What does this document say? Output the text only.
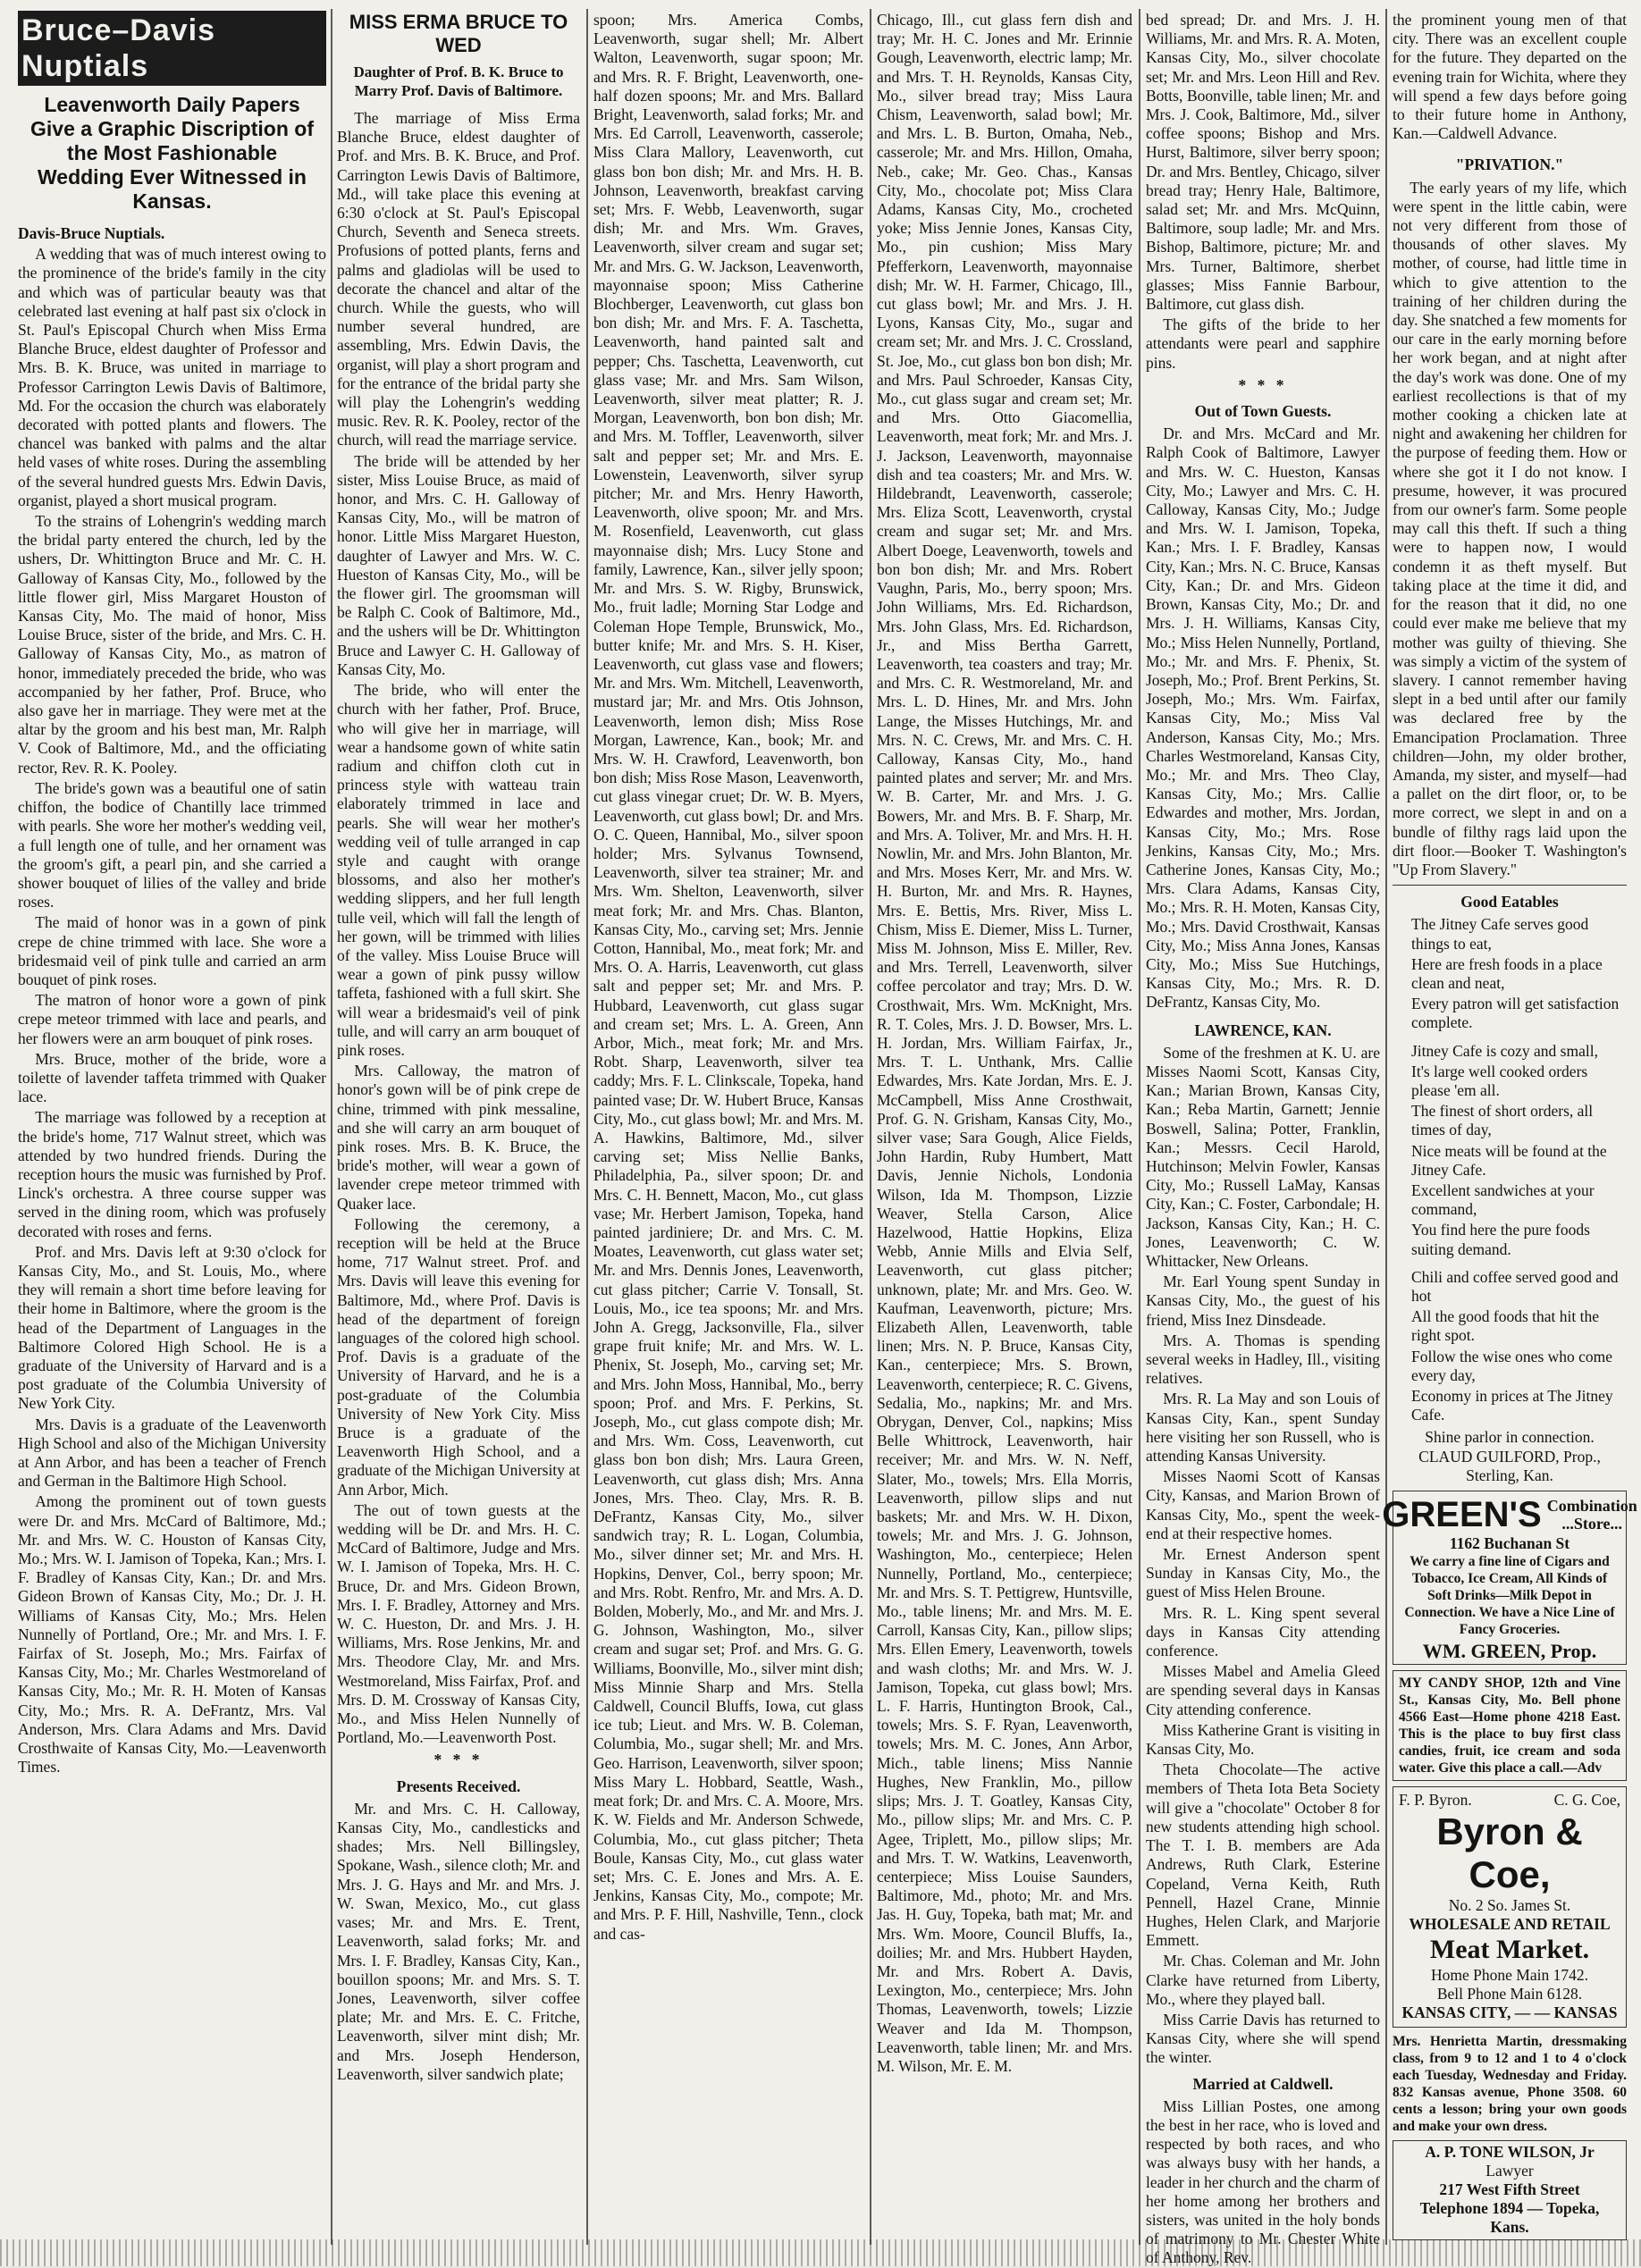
Bruce–Davis Nuptials
Leavenworth Daily Papers Give a Graphic Discription of the Most Fashionable Wedding Ever Witnessed in Kansas.
Davis-Bruce Nuptials.

A wedding that was of much interest owing to the prominence of the bride's family in the city and which was of particular beauty was that celebrated last evening at half past six o'clock in St. Paul's Episcopal Church when Miss Erma Blanche Bruce, eldest daughter of Professor and Mrs. B. K. Bruce, was united in marriage to Professor Carrington Lewis Davis of Baltimore, Md. For the occasion the church was elaborately decorated with potted plants and flowers. The chancel was banked with palms and the altar held vases of white roses. During the assembling of the several hundred guests Mrs. Edwin Davis, organist, played a short musical program.

To the strains of Lohengrin's wedding march the bridal party entered the church, led by the ushers, Dr. Whittington Bruce and Mr. C. H. Galloway of Kansas City, Mo., followed by the little flower girl, Miss Margaret Houston of Kansas City, Mo. The maid of honor, Miss Louise Bruce, sister of the bride, and Mrs. C. H. Galloway of Kansas City, Mo., as matron of honor, immediately preceded the bride, who was accompanied by her father, Prof. Bruce, who also gave her in marriage. They were met at the altar by the groom and his best man, Mr. Ralph V. Cook of Baltimore, Md., and the officiating rector, Rev. R. K. Pooley.

The bride's gown was a beautiful one of satin chiffon, the bodice of Chantilly lace trimmed with pearls. She wore her mother's wedding veil, a full length one of tulle, and her ornament was the groom's gift, a pearl pin, and she carried a shower bouquet of lilies of the valley and bride roses.

The maid of honor was in a gown of pink crepe de chine trimmed with lace. She wore a bridesmaid veil of pink tulle and carried an arm bouquet of pink roses.

The matron of honor wore a gown of pink crepe meteor trimmed with lace and pearls, and her flowers were an arm bouquet of pink roses.

Mrs. Bruce, mother of the bride, wore a toilette of lavender taffeta trimmed with Quaker lace.

The marriage was followed by a reception at the bride's home, 717 Walnut street, which was attended by two hundred friends. During the reception hours the music was furnished by Prof. Linck's orchestra. A three course supper was served in the dining room, which was profusely decorated with roses and ferns.

Prof. and Mrs. Davis left at 9:30 o'clock for Kansas City, Mo., and St. Louis, Mo., where they will remain a short time before leaving for their home in Baltimore, where the groom is the head of the Department of Languages in the Baltimore Colored High School. He is a graduate of the University of Harvard and is a post graduate of the Columbia University of New York City.

Mrs. Davis is a graduate of the Leavenworth High School and also of the Michigan University at Ann Arbor, and has been a teacher of French and German in the Baltimore High School.

Among the prominent out of town guests were Dr. and Mrs. McCard of Baltimore, Md.; Mr. and Mrs. W. C. Houston of Kansas City, Mo.; Mrs. W. I. Jamison of Topeka, Kan.; Mrs. I. F. Bradley of Kansas City, Kan.; Dr. and Mrs. Gideon Brown of Kansas City, Mo.; Dr. J. H. Williams of Kansas City, Mo.; Mrs. Helen Nunnelly of Portland, Ore.; Mr. and Mrs. I. F. Fairfax of St. Joseph, Mo.; Mrs. Fairfax of Kansas City, Mo.; Mr. Charles Westmoreland of Kansas City, Mo.; Mr. R. H. Moten of Kansas City, Mo.; Mrs. R. A. DeFrantz, Mrs. Val Anderson, Mrs. Clara Adams and Mrs. David Crosthwaite of Kansas City, Mo.—Leavenworth Times.

MISS ERMA BRUCE TO WED
Daughter of Prof. B. K. Bruce to Marry Prof. Davis of Baltimore.

The marriage of Miss Erma Blanche Bruce, eldest daughter of Prof. and Mrs. B. K. Bruce, and Prof. Carrington Lewis Davis of Baltimore, Md., will take place this evening at 6:30 o'clock at St. Paul's Episcopal Church, Seventh and Seneca streets. Profusions of potted plants, ferns and palms and gladiolas will be used to decorate the chancel and altar of the church. While the guests, who will number several hundred, are assembling, Mrs. Edwin Davis, the organist, will play a short program and for the entrance of the bridal party she will play the Lohengrin's wedding music. Rev. R. K. Pooley, rector of the church, will read the marriage service.

The bride will be attended by her sister, Miss Louise Bruce, as maid of honor, and Mrs. C. H. Galloway of Kansas City, Mo., will be matron of honor. Little Miss Margaret Hueston, daughter of Lawyer and Mrs. W. C. Hueston of Kansas City, Mo., will be the flower girl. The groomsman will be Ralph C. Cook of Baltimore, Md., and the ushers will be Dr. Whittington Bruce and Lawyer C. H. Galloway of Kansas City, Mo.

The bride, who will enter the church with her father, Prof. Bruce, who will give her in marriage, will wear a handsome gown of white satin radium and chiffon cloth cut in princess style with watteau train elaborately trimmed in lace and pearls. She will wear her mother's wedding veil of tulle arranged in cap style and caught with orange blossoms, and also her mother's wedding slippers, and her full length tulle veil, which will fall the length of her gown, will be trimmed with lilies of the valley. Miss Louise Bruce will wear a gown of pink pussy willow taffeta, fashioned with a full skirt. She will wear a bridesmaid's veil of pink tulle, and will carry an arm bouquet of pink roses.

Mrs. Calloway, the matron of honor's gown will be of pink crepe de chine, trimmed with pink messaline, and she will carry an arm bouquet of pink roses. Mrs. B. K. Bruce, the bride's mother, will wear a gown of lavender crepe meteor trimmed with Quaker lace.

Following the ceremony, a reception will be held at the Bruce home, 717 Walnut street. Prof. and Mrs. Davis will leave this evening for Baltimore, Md., where Prof. Davis is head of the department of foreign languages of the colored high school. Prof. Davis is a graduate of the University of Harvard, and he is a post-graduate of the Columbia University of New York City. Miss Bruce is a graduate of the Leavenworth High School, and a graduate of the Michigan University at Ann Arbor, Mich.

The out of town guests at the wedding will be Dr. and Mrs. H. C. McCard of Baltimore, Judge and Mrs. W. I. Jamison of Topeka, Mrs. H. C. Bruce, Dr. and Mrs. Gideon Brown, Mrs. I. F. Bradley, Attorney and Mrs. W. C. Hueston, Dr. and Mrs. J. H. Williams, Mrs. Rose Jenkins, Mr. and Mrs. Theodore Clay, Mr. and Mrs. Westmoreland, Miss Fairfax, Prof. and Mrs. D. M. Crossway of Kansas City, Mo., and Miss Helen Nunnelly of Portland, Mo.—Leavenworth Post.

* * *
Presents Received.

Mr. and Mrs. C. H. Calloway, Kansas City, Mo., candlesticks and shades; Mrs. Nell Billingsley, Spokane, Wash., silence cloth; Mr. and Mrs. J. G. Hays and Mr. and Mrs. J. W. Swan, Mexico, Mo., cut glass vases; Mr. and Mrs. E. Trent, Leavenworth, salad forks; Mr. and Mrs. I. F. Bradley, Kansas City, Kan., bouillon spoons; Mr. and Mrs. S. T. Jones, Leavenworth, silver coffee plate; Mr. and Mrs. E. C. Fritche, Leavenworth, silver mint dish; Mr. and Mrs. Joseph Henderson, Leavenworth, silver sandwich plate;

spoon; Mrs. America Combs, Leavenworth, sugar shell; Mr. Albert Walton, Leavenworth, sugar spoon; Mr. and Mrs. R. F. Bright, Leavenworth, one-half dozen spoons; Mr. and Mrs. Ballard Bright, Leavenworth, salad forks; Mr. and Mrs. Ed Carroll, Leavenworth, casserole; Miss Clara Mallory, Leavenworth, cut glass bon bon dish; Mr. and Mrs. H. B. Johnson, Leavenworth, breakfast carving set; Mrs. F. Webb, Leavenworth, sugar dish; Mr. and Mrs. Wm. Graves, Leavenworth, silver cream and sugar set; Mr. and Mrs. G. W. Jackson, Leavenworth, mayonnaise spoon; Miss Catherine Blochberger, Leavenworth, cut glass bon bon dish; Mr. and Mrs. F. A. Taschetta, Leavenworth, hand painted salt and pepper; Chs. Taschetta, Leavenworth, cut glass vase; Mr. and Mrs. Sam Wilson, Leavenworth, silver meat platter; R. J. Morgan, Leavenworth, bon bon dish; Mr. and Mrs. M. Toffler, Leavenworth, silver salt and pepper set; Mr. and Mrs. E. Lowenstein, Leavenworth, silver syrup pitcher; Mr. and Mrs. Henry Haworth, Leavenworth, olive spoon; Mr. and Mrs. M. Rosenfield, Leavenworth, cut glass mayonnaise dish; Mrs. Lucy Stone and family, Lawrence, Kan., silver jelly spoon; Mr. and Mrs. S. W. Rigby, Brunswick, Mo., fruit ladle; Morning Star Lodge and Coleman Hope Temple, Brunswick, Mo., butter knife; Mr. and Mrs. S. H. Kiser, Leavenworth, cut glass vase and flowers; Mr. and Mrs. Wm. Mitchell, Leavenworth, mustard jar; Mr. and Mrs. Otis Johnson, Leavenworth, lemon dish; Miss Rose Morgan, Lawrence, Kan., book; Mr. and Mrs. W. H. Crawford, Leavenworth, bon bon dish; Miss Rose Mason, Leavenworth, cut glass vinegar cruet; Dr. W. B. Myers, Leavenworth, cut glass bowl; Dr. and Mrs. O. C. Queen, Hannibal, Mo., silver spoon holder; Mrs. Sylvanus Townsend, Leavenworth, silver tea strainer; Mr. and Mrs. Wm. Shelton, Leavenworth, silver meat fork; Mr. and Mrs. Chas. Blanton, Kansas City, Mo., carving set; Mrs. Jennie Cotton, Hannibal, Mo., meat fork; Mr. and Mrs. O. A. Harris, Leavenworth, cut glass salt and pepper set; Mr. and Mrs. P. Hubbard, Leavenworth, cut glass sugar and cream set; Mrs. L. A. Green, Ann Arbor, Mich., meat fork; Mr. and Mrs. Robt. Sharp, Leavenworth, silver tea caddy; Mrs. F. L. Clinkscale, Topeka, hand painted vase; Dr. W. Hubert Bruce, Kansas City, Mo., cut glass bowl; Mr. and Mrs. M. A. Hawkins, Baltimore, Md., silver carving set; Miss Nellie Banks, Philadelphia, Pa., silver spoon; Dr. and Mrs. C. H. Bennett, Macon, Mo., cut glass vase; Mr. Herbert Jamison, Topeka, hand painted jardiniere; Dr. and Mrs. C. M. Moates, Leavenworth, cut glass water set; Mr. and Mrs. Dennis Jones, Leavenworth, cut glass pitcher; Carrie V. Tonsall, St. Louis, Mo., ice tea spoons; Mr. and Mrs. John A. Gregg, Jacksonville, Fla., silver grape fruit knife; Mr. and Mrs. W. L. Phenix, St. Joseph, Mo., carving set; Mr. and Mrs. John Moss, Hannibal, Mo., berry spoon; Prof. and Mrs. F. Perkins, St. Joseph, Mo., cut glass compote dish; Mr. and Mrs. Wm. Coss, Leavenworth, cut glass bon bon dish; Mrs. Laura Green, Leavenworth, cut glass dish; Mrs. Anna Jones, Mrs. Theo. Clay, Mrs. R. B. DeFrantz, Kansas City, Mo., silver sandwich tray; R. L. Logan, Columbia, Mo., silver dinner set; Mr. and Mrs. H. Hopkins, Denver, Col., berry spoon; Mr. and Mrs. Robt. Renfro, Mr. and Mrs. A. D. Bolden, Moberly, Mo., and Mr. and Mrs. J. G. Johnson, Washington, Mo., silver cream and sugar set; Prof. and Mrs. G. G. Williams, Boonville, Mo., silver mint dish; Miss Minnie Sharp and Mrs. Stella Caldwell, Council Bluffs, Iowa, cut glass ice tub; Lieut. and Mrs. W. B. Coleman, Columbia, Mo., sugar shell; Mr. and Mrs. Geo. Harrison, Leavenworth, silver spoon; Miss Mary L. Hobbard, Seattle, Wash., meat fork; Dr. and Mrs. C. A. Moore, Mrs. K. W. Fields and Mr. Anderson Schwede, Columbia, Mo., cut glass pitcher; Theta Boule, Kansas City, Mo., cut glass water set; Mrs. C. E. Jones and Mrs. A. E. Jenkins, Kansas City, Mo., compote; Mr. and Mrs. P. F. Hill, Nashville, Tenn., clock and cas-

Chicago, Ill., cut glass fern dish and tray; Mr. H. C. Jones and Mr. Erinnie Gough, Leavenworth, electric lamp; Mr. and Mrs. T. H. Reynolds, Kansas City, Mo., silver bread tray; Miss Laura Chism, Leavenworth, salad bowl; Mr. and Mrs. L. B. Burton, Omaha, Neb., casserole; Mr. and Mrs. Hillon, Omaha, Neb., cake; Mr. Geo. Chas., Kansas City, Mo., chocolate pot; Miss Clara Adams, Kansas City, Mo., crocheted yoke; Miss Jennie Jones, Kansas City, Mo., pin cushion; Miss Mary Pfefferkorn, Leavenworth, mayonnaise dish; Mr. W. H. Farmer, Chicago, Ill., cut glass bowl; Mr. and Mrs. J. H. Lyons, Kansas City, Mo., sugar and cream set; Mr. and Mrs. J. C. Crossland, St. Joe, Mo., cut glass bon bon dish; Mr. and Mrs. Paul Schroeder, Kansas City, Mo., cut glass sugar and cream set; Mr. and Mrs. Otto Giacomellia, Leavenworth, meat fork; Mr. and Mrs. J. J. Jackson, Leavenworth, mayonnaise dish and tea coasters; Mr. and Mrs. W. Hildebrandt, Leavenworth, casserole; Mrs. Eliza Scott, Leavenworth, crystal cream and sugar set; Mr. and Mrs. Albert Doege, Leavenworth, towels and bon bon dish; Mr. and Mrs. Robert Vaughn, Paris, Mo., berry spoon; Mrs. John Williams, Mrs. Ed. Richardson, Mrs. John Glass, Mrs. Ed. Richardson, Jr., and Miss Bertha Garrett, Leavenworth, tea coasters and tray; Mr. and Mrs. C. R. Westmoreland, Mr. and Mrs. L. D. Hines, Mr. and Mrs. John Lange, the Misses Hutchings, Mr. and Mrs. N. C. Crews, Mr. and Mrs. C. H. Calloway, Kansas City, Mo., hand painted plates and server; Mr. and Mrs. W. B. Carter, Mr. and Mrs. J. G. Bowers, Mr. and Mrs. B. F. Sharp, Mr. and Mrs. A. Toliver, Mr. and Mrs. H. H. Nowlin, Mr. and Mrs. John Blanton, Mr. and Mrs. Moses Kerr, Mr. and Mrs. W. H. Burton, Mr. and Mrs. R. Haynes, Mrs. E. Bettis, Mrs. River, Miss L. Chism, Miss E. Diemer, Miss L. Turner, Miss M. Johnson, Miss E. Miller, Rev. and Mrs. Terrell, Leavenworth, silver coffee percolator and tray; Mrs. D. W. Crosthwait, Mrs. Wm. McKnight, Mrs. R. T. Coles, Mrs. J. D. Bowser, Mrs. L. H. Jordan, Mrs. William Fairfax, Jr., Mrs. T. L. Unthank, Mrs. Callie Edwardes, Mrs. Kate Jordan, Mrs. E. J. McCampbell, Miss Anne Crosthwait, Prof. G. N. Grisham, Kansas City, Mo., silver vase; Sara Gough, Alice Fields, John Hardin, Ruby Humbert, Matt Davis, Jennie Nichols, Londonia Wilson, Ida M. Thompson, Lizzie Weaver, Stella Carson, Alice Hazelwood, Hattie Hopkins, Eliza Webb, Annie Mills and Elvia Self, Leavenworth, cut glass pitcher; unknown, plate; Mr. and Mrs. Geo. W. Kaufman, Leavenworth, picture; Mrs. Elizabeth Allen, Leavenworth, table linen; Mrs. N. P. Bruce, Kansas City, Kan., centerpiece; Mrs. S. Brown, Leavenworth, centerpiece; R. C. Givens, Sedalia, Mo., napkins; Mr. and Mrs. Obrygan, Denver, Col., napkins; Miss Belle Whittrock, Leavenworth, hair receiver; Mr. and Mrs. W. N. Neff, Slater, Mo., towels; Mrs. Ella Morris, Leavenworth, pillow slips and nut baskets; Mr. and Mrs. W. H. Dixon, towels; Mr. and Mrs. J. G. Johnson, Washington, Mo., centerpiece; Helen Nunnelly, Portland, Mo., centerpiece; Mr. and Mrs. S. T. Pettigrew, Huntsville, Mo., table linens; Mr. and Mrs. M. E. Carroll, Kansas City, Kan., pillow slips; Mrs. Ellen Emery, Leavenworth, towels and wash cloths; Mr. and Mrs. W. J. Jamison, Topeka, cut glass bowl; Mrs. L. F. Harris, Huntington Brook, Cal., towels; Mrs. S. F. Ryan, Leavenworth, towels; Mrs. M. C. Jones, Ann Arbor, Mich., table linens; Miss Nannie Hughes, New Franklin, Mo., pillow slips; Mrs. J. T. Goatley, Kansas City, Mo., pillow slips; Mr. and Mrs. C. P. Agee, Triplett, Mo., pillow slips; Mr. and Mrs. T. W. Watkins, Leavenworth, centerpiece; Miss Louise Saunders, Baltimore, Md., photo; Mr. and Mrs. Jas. H. Guy, Topeka, bath mat; Mr. and Mrs. Wm. Moore, Council Bluffs, Ia., doilies; Mr. and Mrs. Hubbert Hayden, Mr. and Mrs. Robert A. Davis, Lexington, Mo., centerpiece; Mrs. John Thomas, Leavenworth, towels; Lizzie Weaver and Ida M. Thompson, Leavenworth, table linen; Mr. and Mrs. M. Wilson, Mr. E. M.

bed spread; Dr. and Mrs. J. H. Williams, Mr. and Mrs. R. A. Moten, Kansas City, Mo., silver chocolate set; Mr. and Mrs. Leon Hill and Rev. Botts, Boonville, table linen; Mr. and Mrs. J. Cook, Baltimore, Md., silver coffee spoons; Bishop and Mrs. Hurst, Baltimore, silver berry spoon; Dr. and Mrs. Bentley, Chicago, silver bread tray; Henry Hale, Baltimore, salad set; Mr. and Mrs. McQuinn, Baltimore, soup ladle; Mr. and Mrs. Bishop, Baltimore, picture; Mr. and Mrs. Turner, Baltimore, sherbet glasses; Miss Fannie Barbour, Baltimore, cut glass dish.

The gifts of the bride to her attendants were pearl and sapphire pins.

* * *
Out of Town Guests.

Dr. and Mrs. McCard and Mr. Ralph Cook of Baltimore, Lawyer and Mrs. W. C. Hueston, Kansas City, Mo.; Lawyer and Mrs. C. H. Calloway, Kansas City, Mo.; Judge and Mrs. W. I. Jamison, Topeka, Kan.; Mrs. I. F. Bradley, Kansas City, Kan.; Mrs. N. C. Bruce, Kansas City, Kan.; Dr. and Mrs. Gideon Brown, Kansas City, Mo.; Dr. and Mrs. J. H. Williams, Kansas City, Mo.; Miss Helen Nunnelly, Portland, Mo.; Mr. and Mrs. F. Phenix, St. Joseph, Mo.; Prof. Brent Perkins, St. Joseph, Mo.; Mrs. Wm. Fairfax, Kansas City, Mo.; Miss Val Anderson, Kansas City, Mo.; Mrs. Charles Westmoreland, Kansas City, Mo.; Mr. and Mrs. Theo Clay, Kansas City, Mo.; Mrs. Callie Edwardes and mother, Mrs. Jordan, Kansas City, Mo.; Mrs. Rose Jenkins, Kansas City, Mo.; Mrs. Catherine Jones, Kansas City, Mo.; Mrs. Clara Adams, Kansas City, Mo.; Mrs. R. H. Moten, Kansas City, Mo.; Mrs. David Crosthwait, Kansas City, Mo.; Miss Anna Jones, Kansas City, Mo.; Miss Sue Hutchings, Kansas City, Mo.; Mrs. R. D. DeFrantz, Kansas City, Mo.

LAWRENCE, KAN.

Some of the freshmen at K. U. are Misses Naomi Scott, Kansas City, Kan.; Marian Brown, Kansas City, Kan.; Reba Martin, Garnett; Jennie Boswell, Salina; Potter, Franklin, Kan.; Messrs. Cecil Harold, Hutchinson; Melvin Fowler, Kansas City, Mo.; Russell LaMay, Kansas City, Kan.; C. Foster, Carbondale; H. Jackson, Kansas City, Kan.; H. C. Jones, Leavenworth; C. W. Whittacker, New Orleans.

Mr. Earl Young spent Sunday in Kansas City, Mo., the guest of his friend, Miss Inez Dinsdeade.

Mrs. A. Thomas is spending several weeks in Hadley, Ill., visiting relatives.

Mrs. R. La May and son Louis of Kansas City, Kan., spent Sunday here visiting her son Russell, who is attending Kansas University.

Misses Naomi Scott of Kansas City, Kansas, and Marion Brown of Kansas City, Mo., spent the week-end at their respective homes.

Mr. Ernest Anderson spent Sunday in Kansas City, Mo., the guest of Miss Helen Broune.

Mrs. R. L. King spent several days in Kansas City attending conference.

Misses Mabel and Amelia Gleed are spending several days in Kansas City attending conference.

Miss Katherine Grant is visiting in Kansas City, Mo.

Theta Chocolate—The active members of Theta Iota Beta Society will give a "chocolate" October 8 for new students attending high school. The T. I. B. members are Ada Andrews, Ruth Clark, Esterine Copeland, Verna Keith, Ruth Pennell, Hazel Crane, Minnie Hughes, Helen Clark, and Marjorie Emmett.

Mr. Chas. Coleman and Mr. John Clarke have returned from Liberty, Mo., where they played ball.

Miss Carrie Davis has returned to Kansas City, where she will spend the winter.

Married at Caldwell.

Miss Lillian Postes, one among the best in her race, who is loved and respected by both races, and who was always busy with her hands, a leader in her church and the charm of her home among her brothers and sisters, was united in the holy bonds of matrimony to Mr. Chester White of Anthony, Rev.

the prominent young men of that city. There was an excellent couple for the future. They departed on the evening train for Wichita, where they will spend a few days before going to their future home in Anthony, Kan.—Caldwell Advance.

"PRIVATION."

The early years of my life, which were spent in the little cabin, were not very different from those of thousands of other slaves. My mother, of course, had little time in which to give attention to the training of her children during the day. She snatched a few moments for our care in the early morning before her work began, and at night after the day's work was done. One of my earliest recollections is that of my mother cooking a chicken late at night and awakening her children for the purpose of feeding them. How or where she got it I do not know. I presume, however, it was procured from our owner's farm. Some people may call this theft. If such a thing were to happen now, I would condemn it as theft myself. But taking place at the time it did, and for the reason that it did, no one could ever make me believe that my mother was guilty of thieving. She was simply a victim of the system of slavery. I cannot remember having slept in a bed until after our family was declared free by the Emancipation Proclamation. Three children—John, my older brother, Amanda, my sister, and myself—had a pallet on the dirt floor, or, to be more correct, we slept in and on a bundle of filthy rags laid upon the dirt floor.—Booker T. Washington's "Up From Slavery."

Good Eatables

The Jitney Cafe serves good things to eat,

Here are fresh foods in a place clean and neat,

Every patron will get satisfaction complete.

Jitney Cafe is cozy and small,

It's large well cooked orders please 'em all.

The finest of short orders, all times of day,

Nice meats will be found at the Jitney Cafe.

Excellent sandwiches at your command,

You find here the pure foods suiting demand.

Chili and coffee served good and hot

All the good foods that hit the right spot.

Follow the wise ones who come every day,

Economy in prices at The Jitney Cafe.

Shine parlor in connection.
CLAUD GUILFORD, Prop.,
Sterling, Kan.
GREEN'S Combination
...Store...
1162 Buchanan St
We carry a fine line of Cigars and Tobacco, Ice Cream, All Kinds of Soft Drinks—Milk Depot in Connection. We have a Nice Line of Fancy Groceries.
WM. GREEN, Prop.
MY CANDY SHOP, 12th and Vine St., Kansas City, Mo. Bell phone 4566 East—Home phone 4218 East. This is the place to buy first class candies, fruit, ice cream and soda water. Give this place a call.—Adv
F. P. Byron.	C. G. Coe,
Byron & Coe,
No. 2 So. James St.
WHOLESALE AND RETAIL
Meat Market.
Home Phone Main 1742.
Bell Phone Main 6128.
KANSAS CITY, — — KANSAS
Mrs. Henrietta Martin, dressmaking class, from 9 to 12 and 1 to 4 o'clock each Tuesday, Wednesday and Friday. 832 Kansas avenue, Phone 3508. 60 cents a lesson; bring your own goods and make your own dress.
A. P. TONE WILSON, Jr
Lawyer
217 West Fifth Street
Telephone 1894 — Topeka, Kans.
